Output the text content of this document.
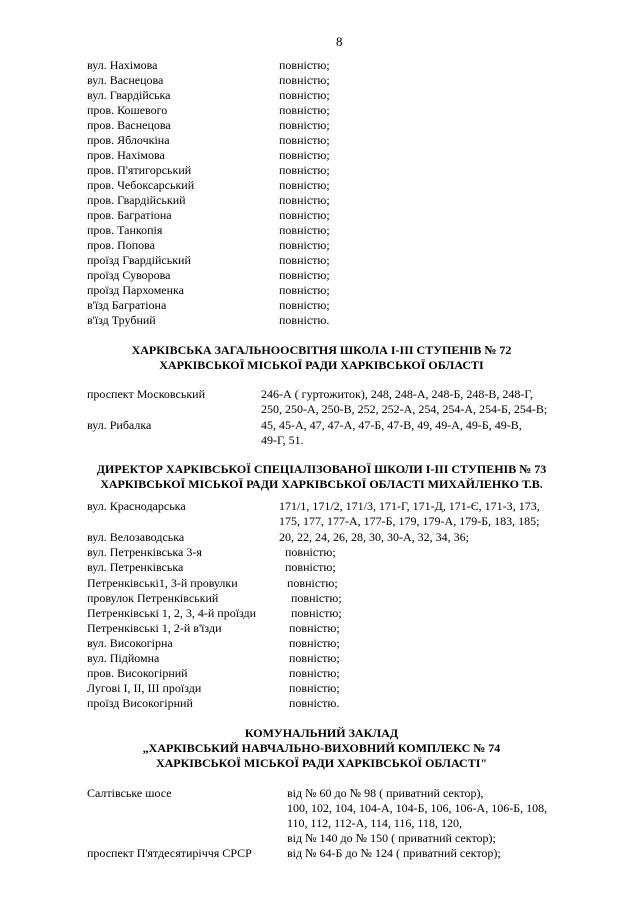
8
вул. Нахімова	повністю;
вул. Васнецова	повністю;
вул. Гвардійська	повністю;
пров. Кошевого	повністю;
пров. Васнецова	повністю;
пров. Яблочкіна	повністю;
пров. Нахімова	повністю;
пров. П'ятигорський	повністю;
пров. Чебоксарський	повністю;
пров. Гвардійський	повністю;
пров. Багратіона	повністю;
пров. Танкопія	повністю;
пров. Попова	повністю;
проїзд Гвардійський	повністю;
проїзд Суворова	повністю;
проїзд Пархоменка	повністю;
в'їзд Багратіона	повністю;
в'їзд Трубний	повністю.
ХАРКІВСЬКА ЗАГАЛЬНООСВІТНЯ ШКОЛА І-ІІІ СТУПЕНІВ № 72
ХАРКІВСЬКОЇ МІСЬКОЇ РАДИ ХАРКІВСЬКОЇ ОБЛАСТІ
проспект Московський	246-А ( гуртожиток), 248, 248-А, 248-Б, 248-В, 248-Г,
250, 250-А, 250-В, 252, 252-А, 254, 254-А, 254-Б, 254-В;
вул. Рибалка	45, 45-А, 47, 47-А, 47-Б, 47-В, 49, 49-А, 49-Б, 49-В,
49-Г, 51.
ДИРЕКТОР ХАРКІВСЬКОЇ СПЕЦІАЛІЗОВАНОЇ ШКОЛИ І-ІІІ СТУПЕНІВ № 73
ХАРКІВСЬКОЇ МІСЬКОЇ РАДИ ХАРКІВСЬКОЇ ОБЛАСТІ МИХАЙЛЕНКО Т.В.
вул. Краснодарська	171/1, 171/2, 171/3, 171-Г, 171-Д, 171-Є, 171-З, 173,
175, 177, 177-А, 177-Б, 179, 179-А, 179-Б, 183, 185;
вул. Велозаводська	20, 22, 24, 26, 28, 30, 30-А, 32, 34, 36;
вул. Петренківська 3-я	повністю;
вул. Петренківська	повністю;
Петренківські1, 3-й провулки	повністю;
провулок Петренківський	повністю;
Петренківські 1, 2, 3, 4-й проїзди	повністю;
Петренківські 1, 2-й в'їзди	повністю;
вул. Високогірна	повністю;
вул. Підйомна	повністю;
пров. Високогірний	повністю;
Лугові І, ІІ, ІІІ проїзди	повністю;
проїзд Високогірний	повністю.
КОМУНАЛЬНИЙ ЗАКЛАД
„ХАРКІВСЬКИЙ НАВЧАЛЬНО-ВИХОВНИЙ КОМПЛЕКС № 74
ХАРКІВСЬКОЇ МІСЬКОЇ РАДИ ХАРКІВСЬКОЇ ОБЛАСТІ"
Салтівське шосе	від № 60 до № 98 ( приватний сектор),
100, 102, 104, 104-А, 104-Б, 106, 106-А, 106-Б, 108,
110, 112, 112-А, 114, 116, 118, 120,
від № 140 до № 150 ( приватний сектор);
проспект П'ятдесятиріччя СРСР	від № 64-Б до № 124 ( приватний сектор);
